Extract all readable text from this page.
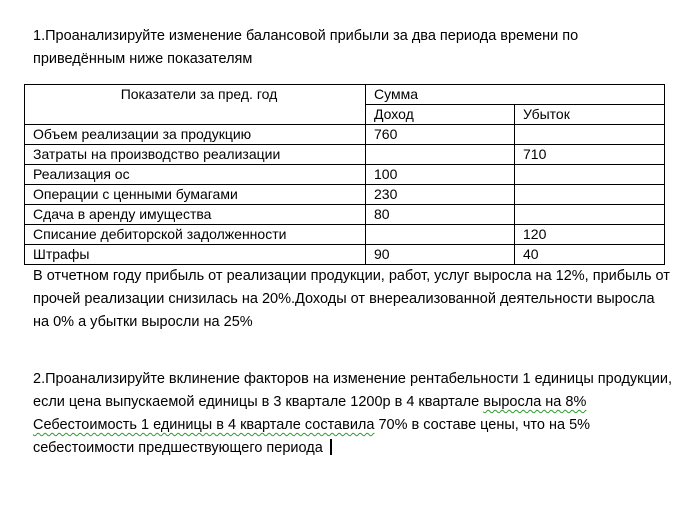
1.Проанализируйте изменение балансовой прибыли за два периода времени по приведённым ниже показателям
Показатели за пред. год	Сумма	
	Доход	Убыток
Объем реализации за продукцию	760	
Затраты на производство реализации		710
Реализация ос	100	
Операции с ценными бумагами	230	
Сдача в аренду имущества	80	
Списание дебиторской задолженности		120
Штрафы	90	40
В отчетном году прибыль от реализации продукции, работ, услуг выросла на 12%, прибыль от прочей реализации снизилась на 20%.Доходы от внереализованной деятельности выросла на 0% а убытки выросли на 25%
2.Проанализируйте вклинение факторов на изменение рентабельности 1 единицы продукции, если цена выпускаемой единицы в 3 квартале 1200р в 4 квартале выросла на 8%
Себестоимость 1 единицы в 4 квартале составила 70% в составе цены, что на 5% себестоимости предшествующего периода
